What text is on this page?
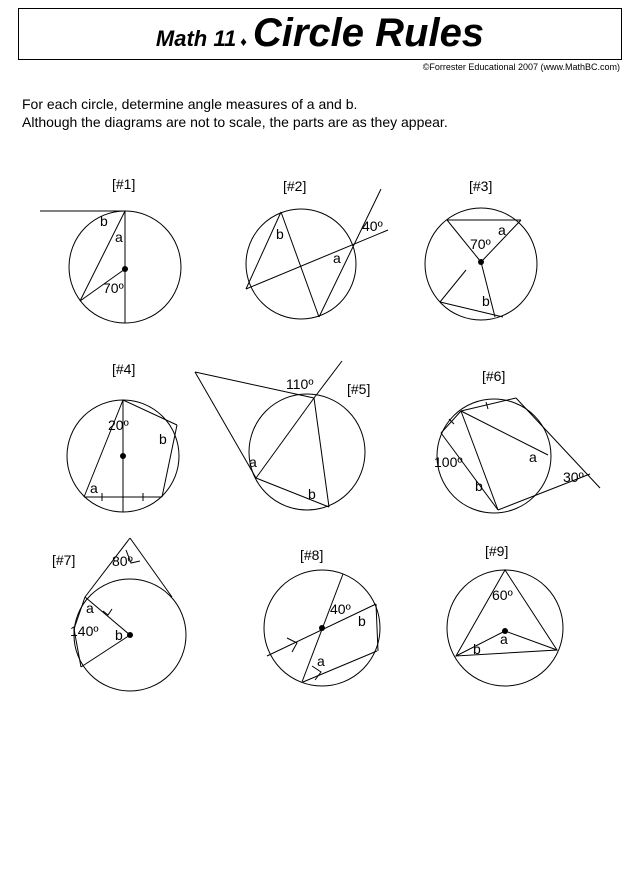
Math 11 ♦ Circle Rules
©Forrester Educational 2007 (www.MathBC.com)
For each circle, determine angle measures of a and b.
Although the diagrams are not to scale, the parts are as they appear.
[#1]
b
a
70º
[#2]
b
a
40º
[#3]
a
70º
b
[#4]
20º
b
a
[#5]
110º
a
b
[#6]
100º	a
b
30º
[#7]	80º
a
140º b
[#8]
40º
b
a
[#9]
60º
a
b
